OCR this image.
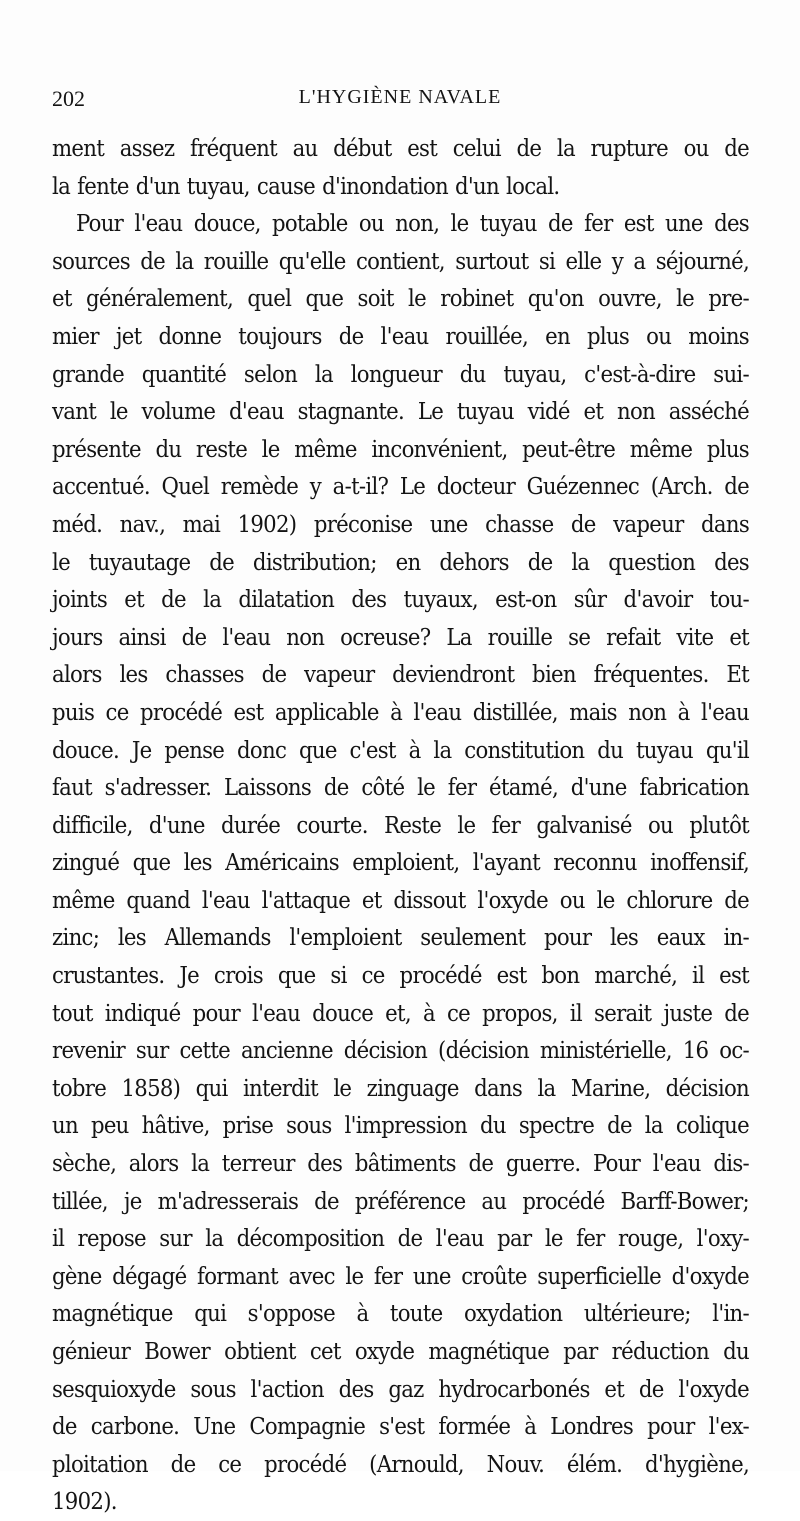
202	L'HYGIÈNE NAVALE
ment assez fréquent au début est celui de la rupture ou de
la fente d'un tuyau, cause d'inondation d'un local.
Pour l'eau douce, potable ou non, le tuyau de fer est une des
sources de la rouille qu'elle contient, surtout si elle y a séjourné,
et généralement, quel que soit le robinet qu'on ouvre, le pre-
mier jet donne toujours de l'eau rouillée, en plus ou moins
grande quantité selon la longueur du tuyau, c'est-à-dire sui-
vant le volume d'eau stagnante. Le tuyau vidé et non asséché
présente du reste le même inconvénient, peut-être même plus
accentué. Quel remède y a-t-il? Le docteur Guézennec (Arch. de
méd. nav., mai 1902) préconise une chasse de vapeur dans
le tuyautage de distribution; en dehors de la question des
joints et de la dilatation des tuyaux, est-on sûr d'avoir tou-
jours ainsi de l'eau non ocreuse? La rouille se refait vite et
alors les chasses de vapeur deviendront bien fréquentes. Et
puis ce procédé est applicable à l'eau distillée, mais non à l'eau
douce. Je pense donc que c'est à la constitution du tuyau qu'il
faut s'adresser. Laissons de côté le fer étamé, d'une fabrication
difficile, d'une durée courte. Reste le fer galvanisé ou plutôt
zingué que les Américains emploient, l'ayant reconnu inoffensif,
même quand l'eau l'attaque et dissout l'oxyde ou le chlorure de
zinc; les Allemands l'emploient seulement pour les eaux in-
crustantes. Je crois que si ce procédé est bon marché, il est
tout indiqué pour l'eau douce et, à ce propos, il serait juste de
revenir sur cette ancienne décision (décision ministérielle, 16 oc-
tobre 1858) qui interdit le zinguage dans la Marine, décision
un peu hâtive, prise sous l'impression du spectre de la colique
sèche, alors la terreur des bâtiments de guerre. Pour l'eau dis-
tillée, je m'adresserais de préférence au procédé Barff-Bower;
il repose sur la décomposition de l'eau par le fer rouge, l'oxy-
gène dégagé formant avec le fer une croûte superficielle d'oxyde
magnétique qui s'oppose à toute oxydation ultérieure; l'in-
génieur Bower obtient cet oxyde magnétique par réduction du
sesquioxyde sous l'action des gaz hydrocarbonés et de l'oxyde
de carbone. Une Compagnie s'est formée à Londres pour l'ex-
ploitation de ce procédé (Arnould, Nouv. élém. d'hygiène,
1902).
